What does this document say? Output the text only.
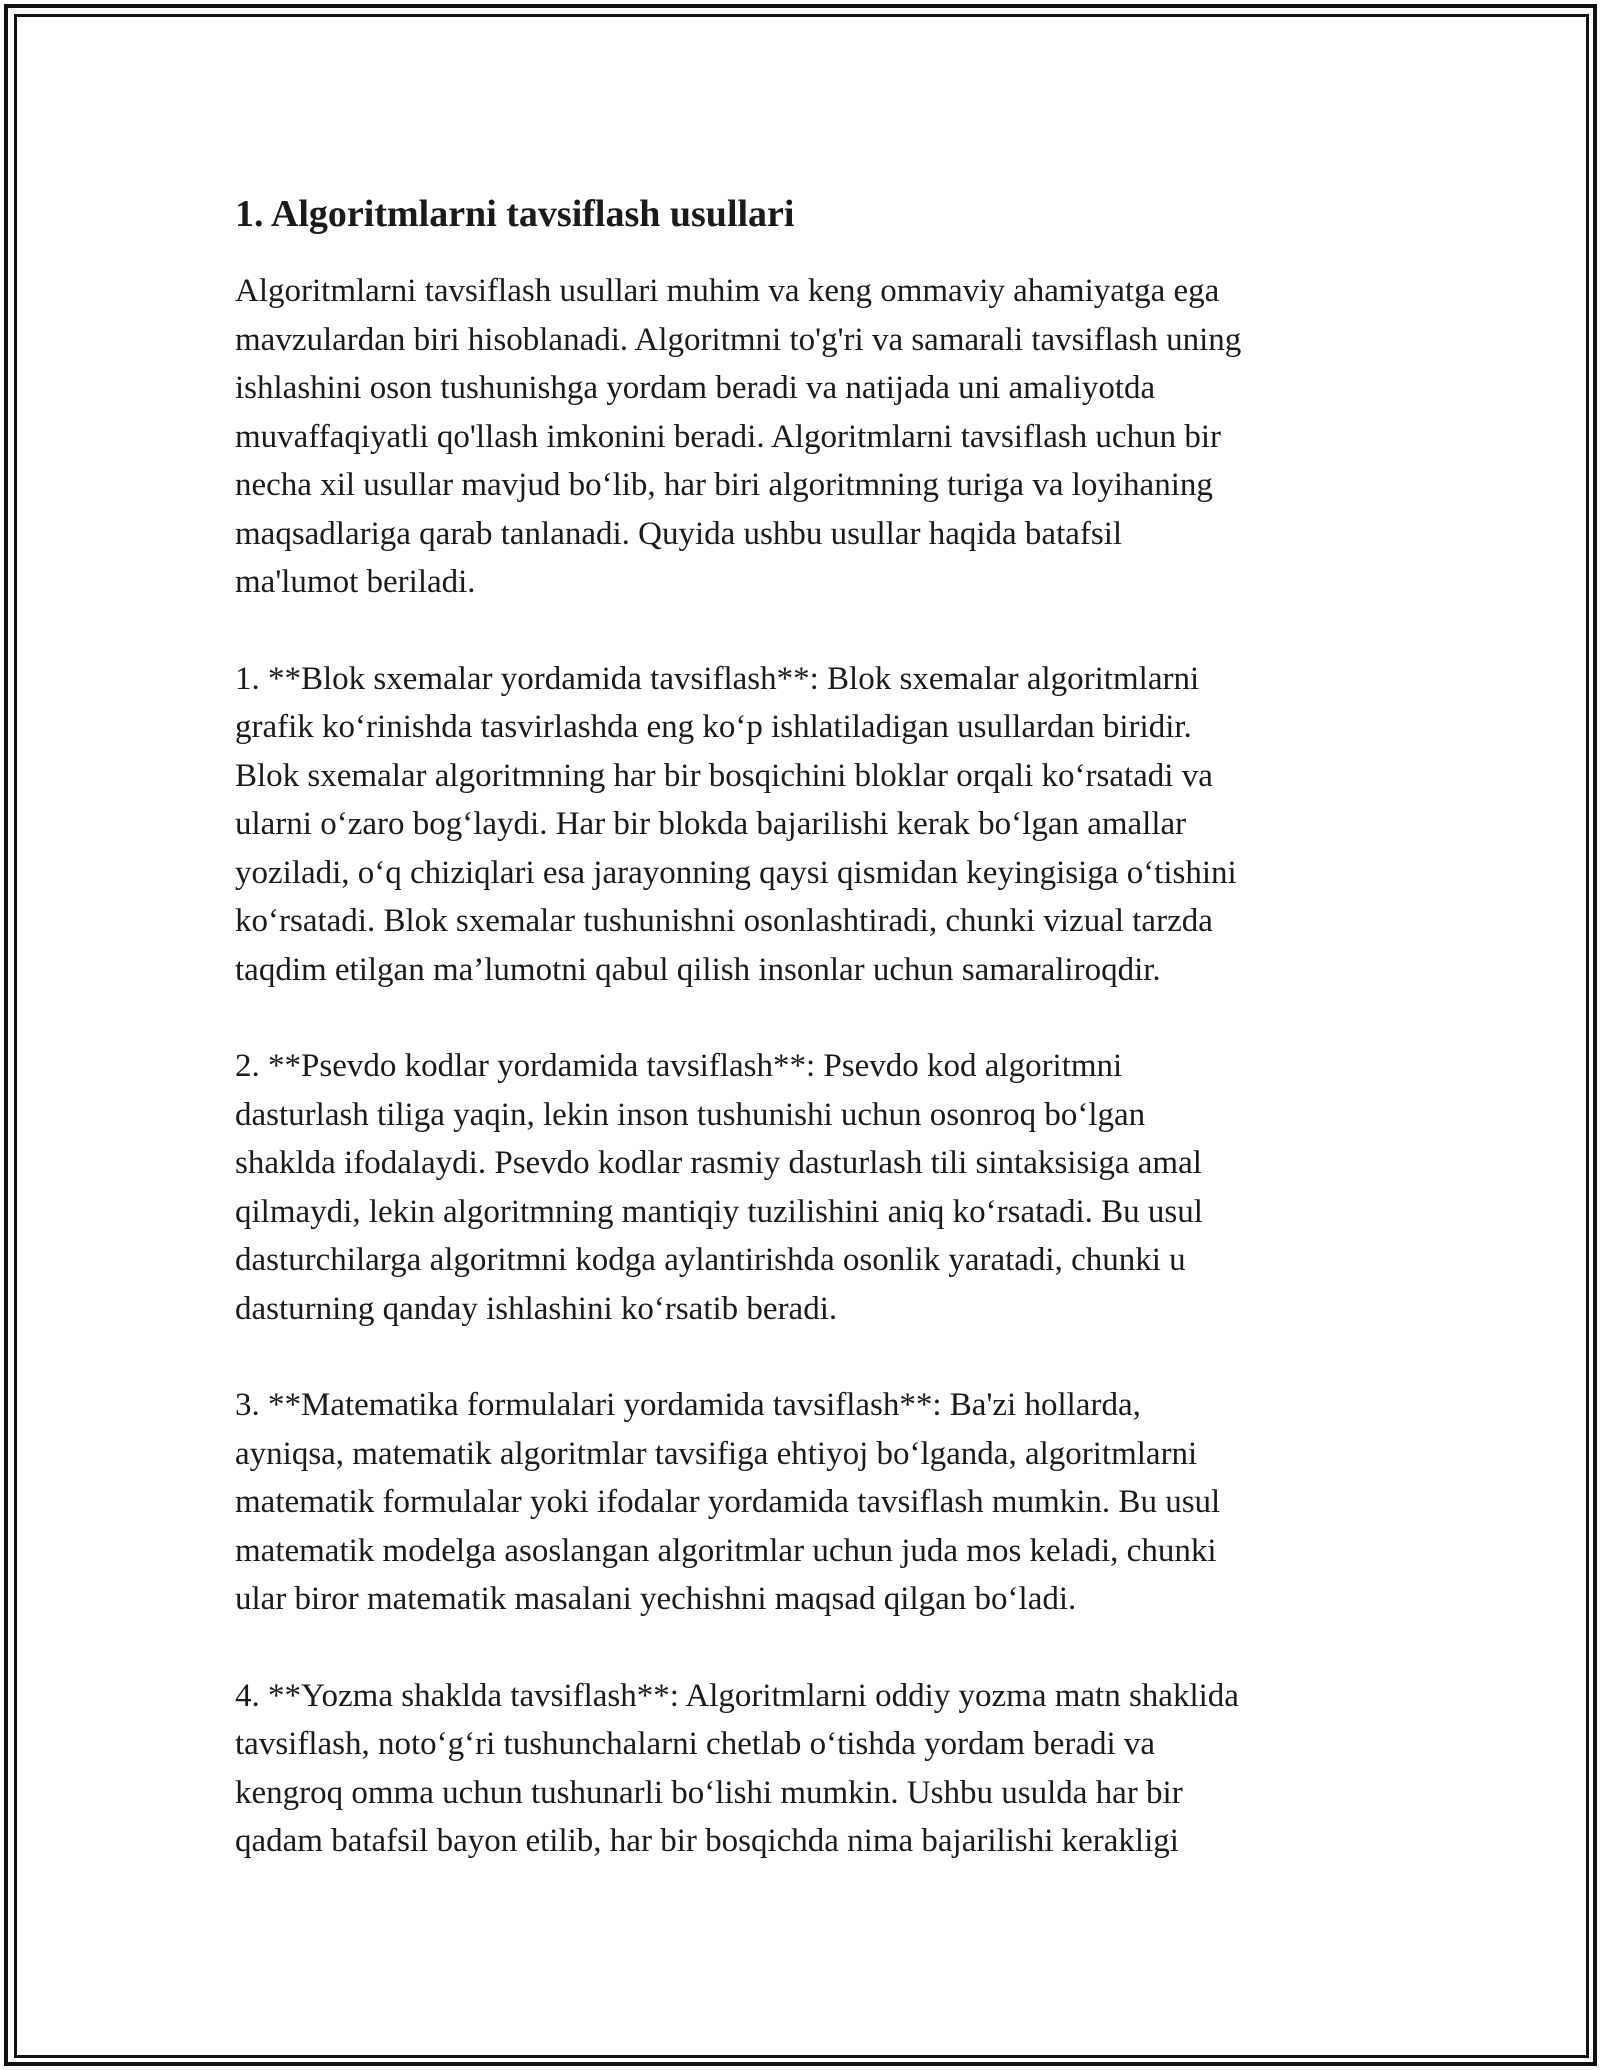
1. Algoritmlarni tavsiflash usullari

Algoritmlarni tavsiflash usullari muhim va keng ommaviy ahamiyatga ega
mavzulardan biri hisoblanadi. Algoritmni to'g'ri va samarali tavsiflash uning
ishlashini oson tushunishga yordam beradi va natijada uni amaliyotda
muvaffaqiyatli qo'llash imkonini beradi. Algoritmlarni tavsiflash uchun bir
necha xil usullar mavjud bo‘lib, har biri algoritmning turiga va loyihaning
maqsadlariga qarab tanlanadi. Quyida ushbu usullar haqida batafsil
ma'lumot beriladi.

1. **Blok sxemalar yordamida tavsiflash**: Blok sxemalar algoritmlarni
grafik ko‘rinishda tasvirlashda eng ko‘p ishlatiladigan usullardan biridir.
Blok sxemalar algoritmning har bir bosqichini bloklar orqali ko‘rsatadi va
ularni o‘zaro bog‘laydi. Har bir blokda bajarilishi kerak bo‘lgan amallar
yoziladi, o‘q chiziqlari esa jarayonning qaysi qismidan keyingisiga o‘tishini
ko‘rsatadi. Blok sxemalar tushunishni osonlashtiradi, chunki vizual tarzda
taqdim etilgan ma’lumotni qabul qilish insonlar uchun samaraliroqdir.

2. **Psevdo kodlar yordamida tavsiflash**: Psevdo kod algoritmni
dasturlash tiliga yaqin, lekin inson tushunishi uchun osonroq bo‘lgan
shaklda ifodalaydi. Psevdo kodlar rasmiy dasturlash tili sintaksisiga amal
qilmaydi, lekin algoritmning mantiqiy tuzilishini aniq ko‘rsatadi. Bu usul
dasturchilarga algoritmni kodga aylantirishda osonlik yaratadi, chunki u
dasturning qanday ishlashini ko‘rsatib beradi.

3. **Matematika formulalari yordamida tavsiflash**: Ba'zi hollarda,
ayniqsa, matematik algoritmlar tavsifiga ehtiyoj bo‘lganda, algoritmlarni
matematik formulalar yoki ifodalar yordamida tavsiflash mumkin. Bu usul
matematik modelga asoslangan algoritmlar uchun juda mos keladi, chunki
ular biror matematik masalani yechishni maqsad qilgan bo‘ladi.

4. **Yozma shaklda tavsiflash**: Algoritmlarni oddiy yozma matn shaklida
tavsiflash, noto‘g‘ri tushunchalarni chetlab o‘tishda yordam beradi va
kengroq omma uchun tushunarli bo‘lishi mumkin. Ushbu usulda har bir
qadam batafsil bayon etilib, har bir bosqichda nima bajarilishi kerakligi
